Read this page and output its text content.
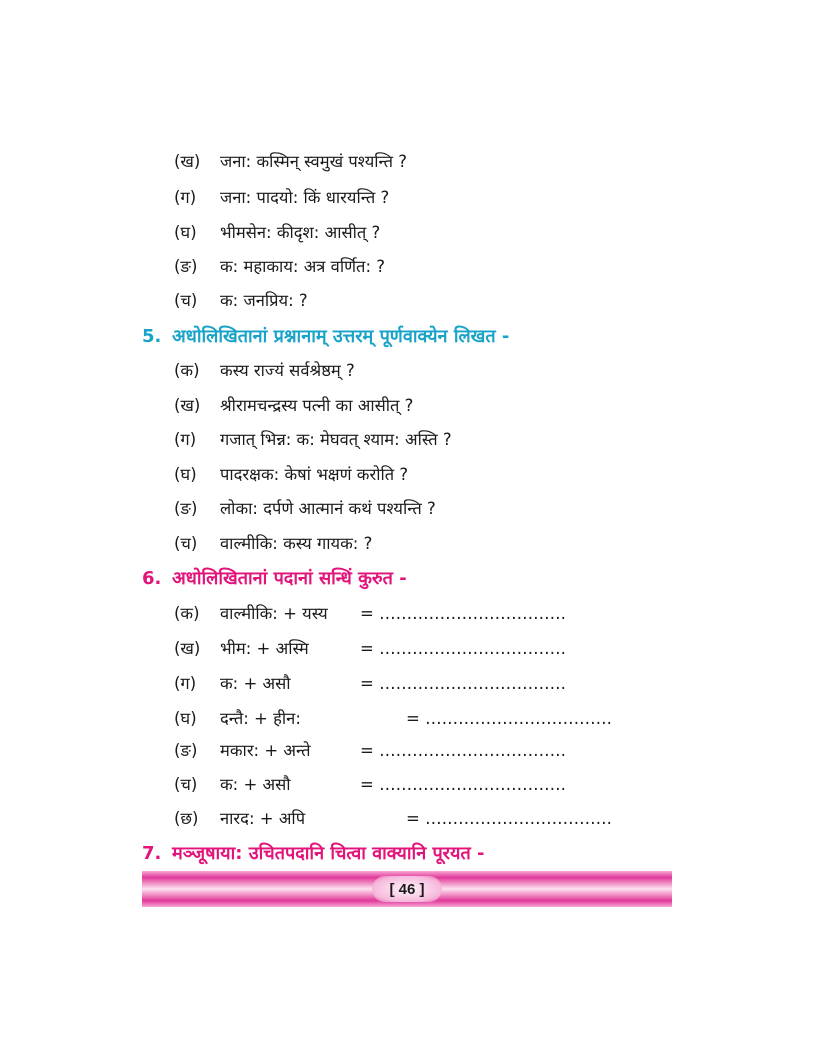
(ख) जना: कस्मिन् स्वमुखं पश्यन्ति ?
(ग) जना: पादयो: किं धारयन्ति ?
(घ) भीमसेन: कीदृश: आसीत् ?
(ङ) क: महाकाय: अत्र वर्णित: ?
(च) क: जनप्रिय: ?
5. अधोलिखितानां प्रश्नानाम् उत्तरम् पूर्णवाक्येन लिखत -
(क) कस्य राज्यं सर्वश्रेष्ठम् ?
(ख) श्रीरामचन्द्रस्य पत्नी का आसीत् ?
(ग) गजात् भिन्न: क: मेघवत् श्याम: अस्ति ?
(घ) पादरक्षक: केषां भक्षणं करोति ?
(ङ) लोका: दर्पणे आत्मानं कथं पश्यन्ति ?
(च) वाल्मीकि: कस्य गायक: ?
6. अधोलिखितानां पदानां सन्धिं कुरुत -
(क) वाल्मीकि: + यस्य = …………………………….
(ख) भीम: + अस्मि	= …………………………….
(ग) क: + असौ	= …………………………….
(घ) दन्तै: + हीन:	= …………………………….
(ङ) मकार: + अन्ते	= …………………………….
(च) क: + असौ	= …………………………….
(छ) नारद: + अपि	= …………………………….
7. मञ्जूषाया: उचितपदानि चित्वा वाक्यानि पूरयत -
[ 46 ]
